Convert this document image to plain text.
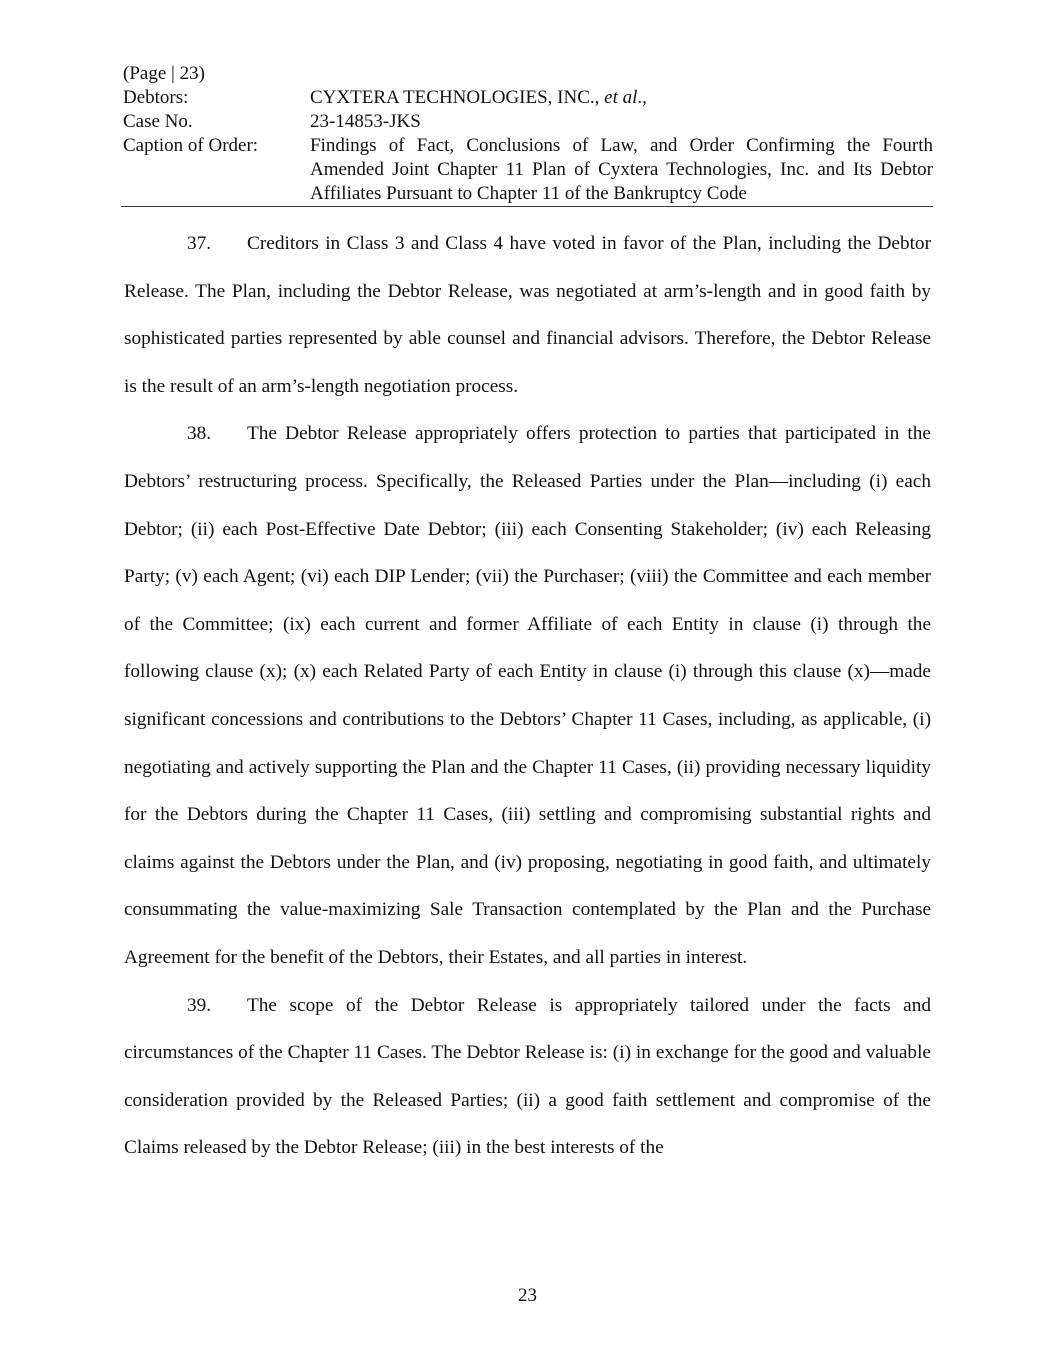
(Page | 23)
Debtors:	CYXTERA TECHNOLOGIES, INC., et al.,
Case No.	23-14853-JKS
Caption of Order:	Findings of Fact, Conclusions of Law, and Order Confirming the Fourth Amended Joint Chapter 11 Plan of Cyxtera Technologies, Inc. and Its Debtor Affiliates Pursuant to Chapter 11 of the Bankruptcy Code

37. Creditors in Class 3 and Class 4 have voted in favor of the Plan, including the Debtor Release. The Plan, including the Debtor Release, was negotiated at arm’s-length and in good faith by sophisticated parties represented by able counsel and financial advisors. Therefore, the Debtor Release is the result of an arm’s-length negotiation process.

38. The Debtor Release appropriately offers protection to parties that participated in the Debtors’ restructuring process. Specifically, the Released Parties under the Plan—including (i) each Debtor; (ii) each Post-Effective Date Debtor; (iii) each Consenting Stakeholder; (iv) each Releasing Party; (v) each Agent; (vi) each DIP Lender; (vii) the Purchaser; (viii) the Committee and each member of the Committee; (ix) each current and former Affiliate of each Entity in clause (i) through the following clause (x); (x) each Related Party of each Entity in clause (i) through this clause (x)—made significant concessions and contributions to the Debtors’ Chapter 11 Cases, including, as applicable, (i) negotiating and actively supporting the Plan and the Chapter 11 Cases, (ii) providing necessary liquidity for the Debtors during the Chapter 11 Cases, (iii) settling and compromising substantial rights and claims against the Debtors under the Plan, and (iv) proposing, negotiating in good faith, and ultimately consummating the value-maximizing Sale Transaction contemplated by the Plan and the Purchase Agreement for the benefit of the Debtors, their Estates, and all parties in interest.

39. The scope of the Debtor Release is appropriately tailored under the facts and circumstances of the Chapter 11 Cases. The Debtor Release is: (i) in exchange for the good and valuable consideration provided by the Released Parties; (ii) a good faith settlement and compromise of the Claims released by the Debtor Release; (iii) in the best interests of the

23
